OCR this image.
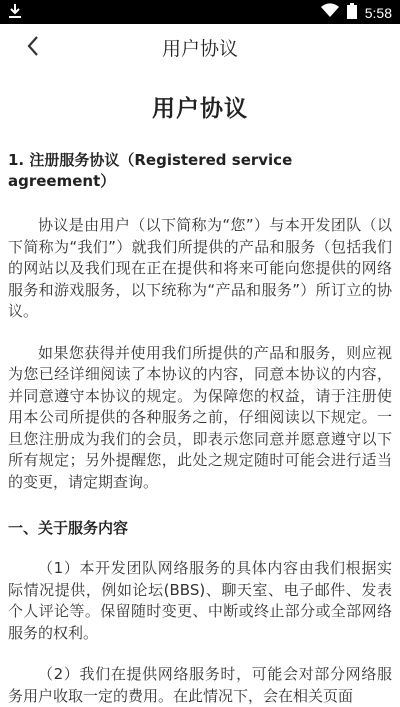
5:58
用户协议
用户协议
1. 注册服务协议（Registered service agreement）

协议是由用户（以下简称为“您”）与本开发团队（以下简称为“我们”）就我们所提供的产品和服务（包括我们的网站以及我们现在正在提供和将来可能向您提供的网络服务和游戏服务，以下统称为“产品和服务”）所订立的协议。

如果您获得并使用我们所提供的产品和服务，则应视为您已经详细阅读了本协议的内容，同意本协议的内容，并同意遵守本协议的规定。为保障您的权益，请于注册使用本公司所提供的各种服务之前，仔细阅读以下规定。一旦您注册成为我们的会员，即表示您同意并愿意遵守以下所有规定；另外提醒您，此处之规定随时可能会进行适当的变更，请定期查询。

一、关于服务内容

（1）本开发团队网络服务的具体内容由我们根据实际情况提供，例如论坛(BBS)、聊天室、电子邮件、发表个人评论等。保留随时变更、中断或终止部分或全部网络服务的权利。

（2）我们在提供网络服务时，可能会对部分网络服务用户收取一定的费用。在此情况下，会在相关页面
